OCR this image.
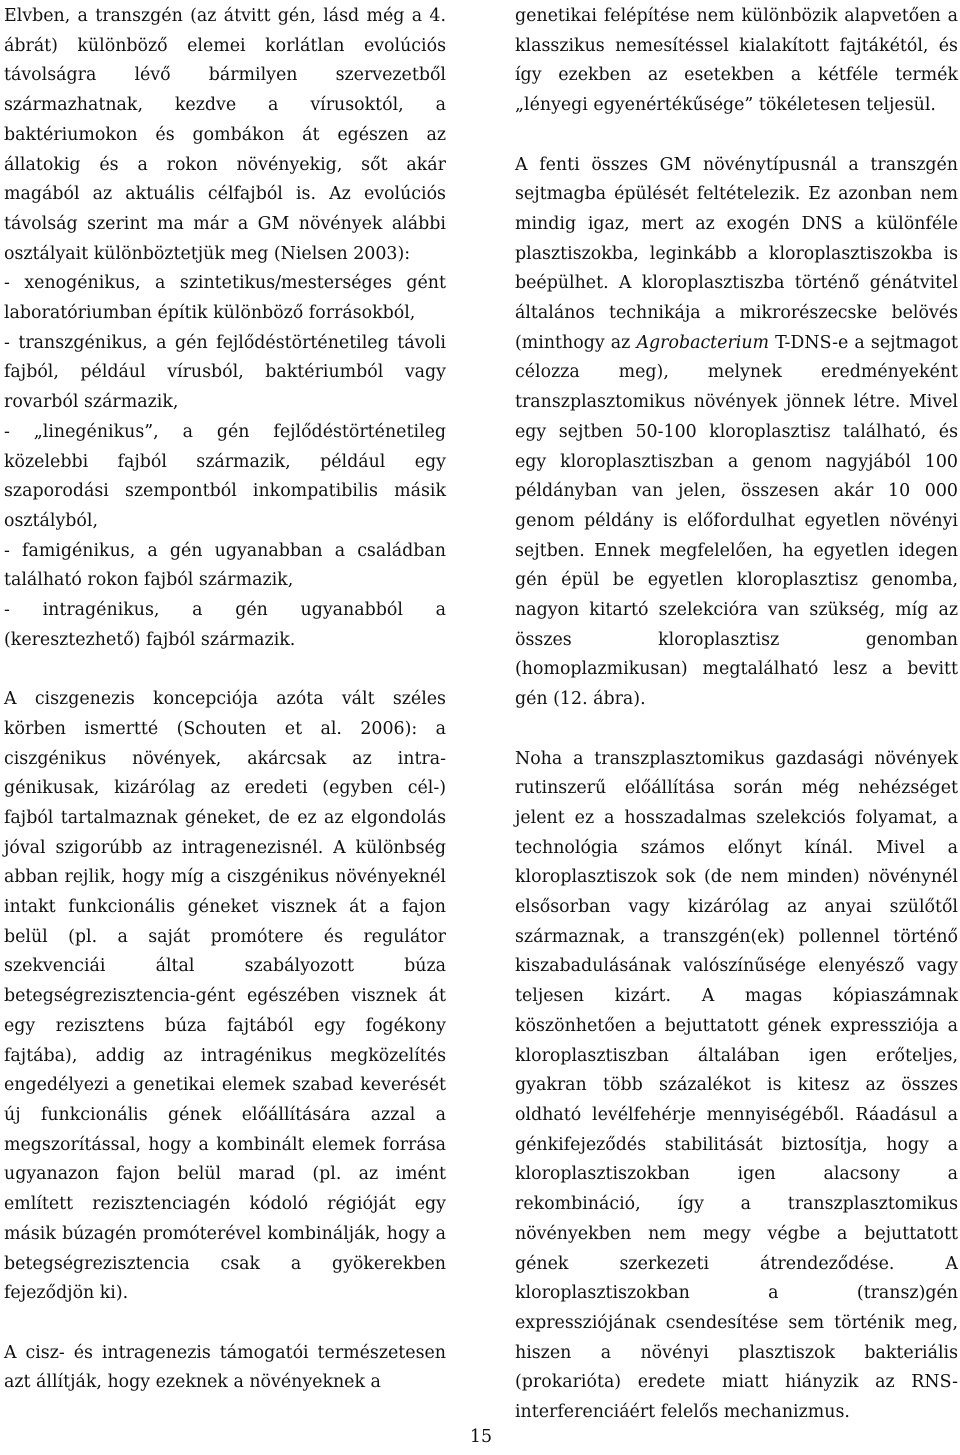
Elvben, a transzgén (az átvitt gén, lásd még a 4. ábrát) különböző elemei korlátlan evolúciós távolságra lévő bármilyen szervezetből származhatnak, kezdve a vírusoktól, a baktériumokon és gombákon át egészen az állatokig és a rokon növényekig, sőt akár magából az aktuális célfajból is. Az evolúciós távolság szerint ma már a GM növények alábbi osztályait különböztetjük meg (Nielsen 2003):

- xenogénikus, a szintetikus/mesterséges gént laboratóriumban építik különböző forrásokból,

- transzgénikus, a gén fejlődéstörténetileg távoli fajból, például vírusból, baktériumból vagy rovarból származik,

- „linegénikus”, a gén fejlődéstörténetileg közelebbi fajból származik, például egy szaporodási szempontból inkompatibilis másik osztályból,

- famigénikus, a gén ugyanabban a családban található rokon fajból származik,

- intragénikus, a gén ugyanabból a (keresztezhető) fajból származik.

A ciszgenezis koncepciója azóta vált széles körben ismertté (Schouten et al. 2006): a ciszgénikus növények, akárcsak az intra-génikusak, kizárólag az eredeti (egyben cél-) fajból tartalmaznak géneket, de ez az elgondolás jóval szigorúbb az intragenezisnél. A különbség abban rejlik, hogy míg a ciszgénikus növényeknél intakt funkcionális géneket visznek át a fajon belül (pl. a saját promótere és regulátor szekvenciái által szabályozott búza betegségrezisztencia-gént egészében visznek át egy rezisztens búza fajtából egy fogékony fajtába), addig az intragénikus megközelítés engedélyezi a genetikai elemek szabad keverését új funkcionális gének előállítására azzal a megszorítással, hogy a kombinált elemek forrása ugyanazon fajon belül marad (pl. az imént említett rezisztenciagén kódoló régióját egy másik búzagén promóterével kombinálják, hogy a betegségrezisztencia csak a gyökerekben fejeződjön ki).

A cisz- és intragenezis támogatói természetesen azt állítják, hogy ezeknek a növényeknek a

genetikai felépítése nem különbözik alapvetően a klasszikus nemesítéssel kialakított fajtákétól, és így ezekben az esetekben a kétféle termék „lényegi egyenértékűsége” tökéletesen teljesül.

A fenti összes GM növénytípusnál a transzgén sejtmagba épülését feltételezik. Ez azonban nem mindig igaz, mert az exogén DNS a különféle plasztiszokba, leginkább a kloroplasztiszokba is beépülhet. A kloroplasztiszba történő génátvitel általános technikája a mikrorészecske belövés (minthogy az Agrobacterium T-DNS-e a sejtmagot célozza meg), melynek eredményeként transzplasztomikus növények jönnek létre. Mivel egy sejtben 50-100 kloroplasztisz található, és egy kloroplasztiszban a genom nagyjából 100 példányban van jelen, összesen akár 10 000 genom példány is előfordulhat egyetlen növényi sejtben. Ennek megfelelően, ha egyetlen idegen gén épül be egyetlen kloroplasztisz genomba, nagyon kitartó szelekcióra van szükség, míg az összes kloroplasztisz genomban (homoplazmikusan) megtalálható lesz a bevitt gén (12. ábra).

Noha a transzplasztomikus gazdasági növények rutinszerű előállítása során még nehézséget jelent ez a hosszadalmas szelekciós folyamat, a technológia számos előnyt kínál. Mivel a kloroplasztiszok sok (de nem minden) növénynél elsősorban vagy kizárólag az anyai szülőtől származnak, a transzgén(ek) pollennel történő kiszabadulásának valószínűsége elenyésző vagy teljesen kizárt. A magas kópiaszámnak köszönhetően a bejuttatott gének expressziója a kloroplasztiszban általában igen erőteljes, gyakran több százalékot is kitesz az összes oldható levélfehérje mennyiségéből. Ráadásul a génkifejeződés stabilitását biztosítja, hogy a kloroplasztiszokban igen alacsony a rekombináció, így a transzplasztomikus növényekben nem megy végbe a bejuttatott gének szerkezeti átrendeződése. A kloroplasztiszokban a (transz)gén expressziójának csendesítése sem történik meg, hiszen a növényi plasztiszok bakteriális (prokarióta) eredete miatt hiányzik az RNS-interferenciáért felelős mechanizmus.

15
